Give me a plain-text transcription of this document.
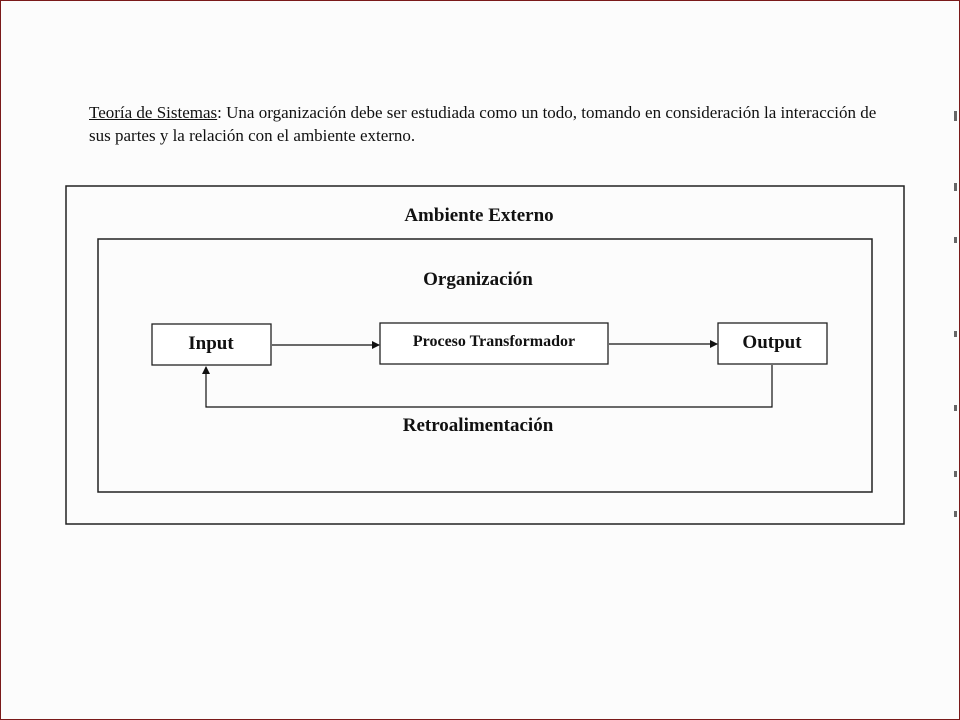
Teoría de Sistemas: Una organización debe ser estudiada como un todo, tomando en consideración la interacción de sus partes y la relación con el ambiente externo.
Ambiente Externo
Organización
Input	Proceso Transformador	Output
Retroalimentación
